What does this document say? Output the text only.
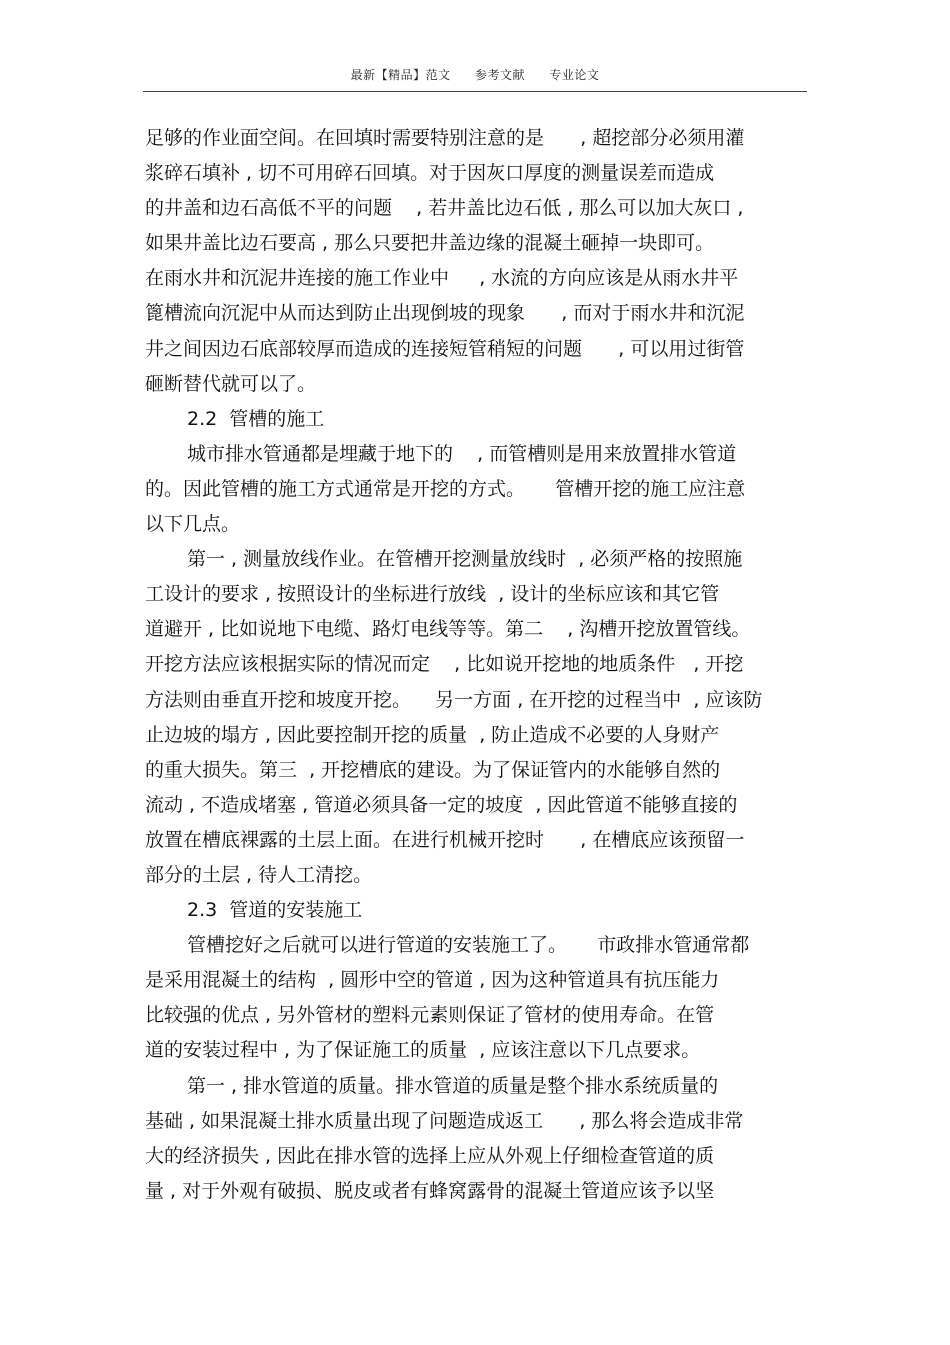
最新【精品】范文 参考文献 专业论文
足够的作业面空间。在回填时需要特别注意的是      , 超挖部分必须用灌
浆碎石填补 , 切不可用碎石回填。对于因灰口厚度的测量误差而造成
的井盖和边石高低不平的问题    , 若井盖比边石低 , 那么可以加大灰口 ,
如果井盖比边石要高 , 那么只要把井盖边缘的混凝土砸掉一块即可。
在雨水井和沉泥井连接的施工作业中     , 水流的方向应该是从雨水井平
篦槽流向沉泥中从而达到防止出现倒坡的现象      , 而对于雨水井和沉泥
井之间因边石底部较厚而造成的连接短管稍短的问题      , 可以用过街管
砸断替代就可以了。
2.2  管槽的施工
城市排水管通都是埋藏于地下的    , 而管槽则是用来放置排水管道
的。因此管槽的施工方式通常是开挖的方式。     管槽开挖的施工应注意
以下几点。
第一 , 测量放线作业。在管槽开挖测量放线时  , 必须严格的按照施
工设计的要求 , 按照设计的坐标进行放线  , 设计的坐标应该和其它管
道避开 , 比如说地下电缆、路灯电线等等。第二    , 沟槽开挖放置管线。
开挖方法应该根据实际的情况而定    , 比如说开挖地的地质条件   , 开挖
方法则由垂直开挖和坡度开挖。    另一方面 , 在开挖的过程当中  , 应该防
止边坡的塌方 , 因此要控制开挖的质量  , 防止造成不必要的人身财产
的重大损失。第三  , 开挖槽底的建设。为了保证管内的水能够自然的
流动 , 不造成堵塞 , 管道必须具备一定的坡度  , 因此管道不能够直接的
放置在槽底裸露的土层上面。在进行机械开挖时      , 在槽底应该预留一
部分的土层 , 待人工清挖。
2.3  管道的安装施工
管槽挖好之后就可以进行管道的安装施工了。     市政排水管通常都
是采用混凝土的结构  , 圆形中空的管道 , 因为这种管道具有抗压能力
比较强的优点 , 另外管材的塑料元素则保证了管材的使用寿命。在管
道的安装过程中 , 为了保证施工的质量  , 应该注意以下几点要求。
第一 , 排水管道的质量。排水管道的质量是整个排水系统质量的
基础 , 如果混凝土排水质量出现了问题造成返工      , 那么将会造成非常
大的经济损失 , 因此在排水管的选择上应从外观上仔细检查管道的质
量 , 对于外观有破损、脱皮或者有蜂窝露骨的混凝土管道应该予以坚
